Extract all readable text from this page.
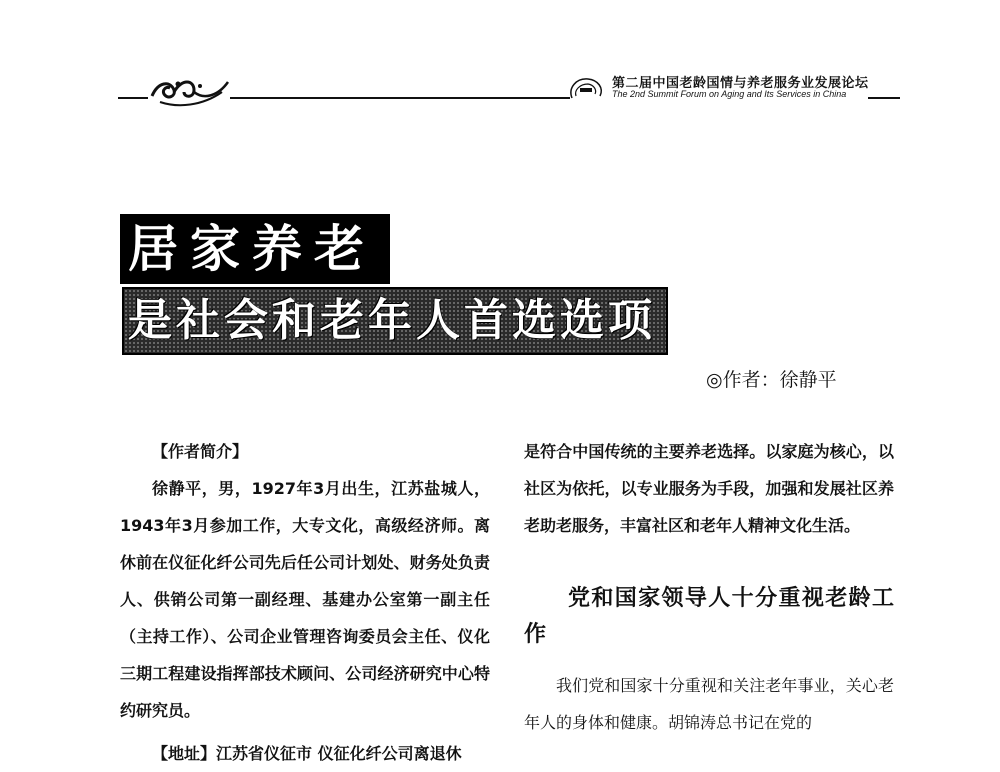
第二届中国老龄国情与养老服务业发展论坛
The 2nd Summit Forum on Aging and Its Services in China
居家养老
是社会和老年人首选选项
◎作者：徐静平

【作者简介】

徐静平，男，1927年3月出生，江苏盐城人，1943年3月参加工作，大专文化，高级经济师。离休前在仪征化纤公司先后任公司计划处、财务处负责人、供销公司第一副经理、基建办公室第一副主任（主持工作）、公司企业管理咨询委员会主任、仪化三期工程建设指挥部技术顾问、公司经济研究中心特约研究员。

【地址】江苏省仪征市 仪征化纤公司离退休

是符合中国传统的主要养老选择。以家庭为核心，以社区为依托，以专业服务为手段，加强和发展社区养老助老服务，丰富社区和老年人精神文化生活。

党和国家领导人十分重视老龄工作

我们党和国家十分重视和关注老年事业，关心老年人的身体和健康。胡锦涛总书记在党的
